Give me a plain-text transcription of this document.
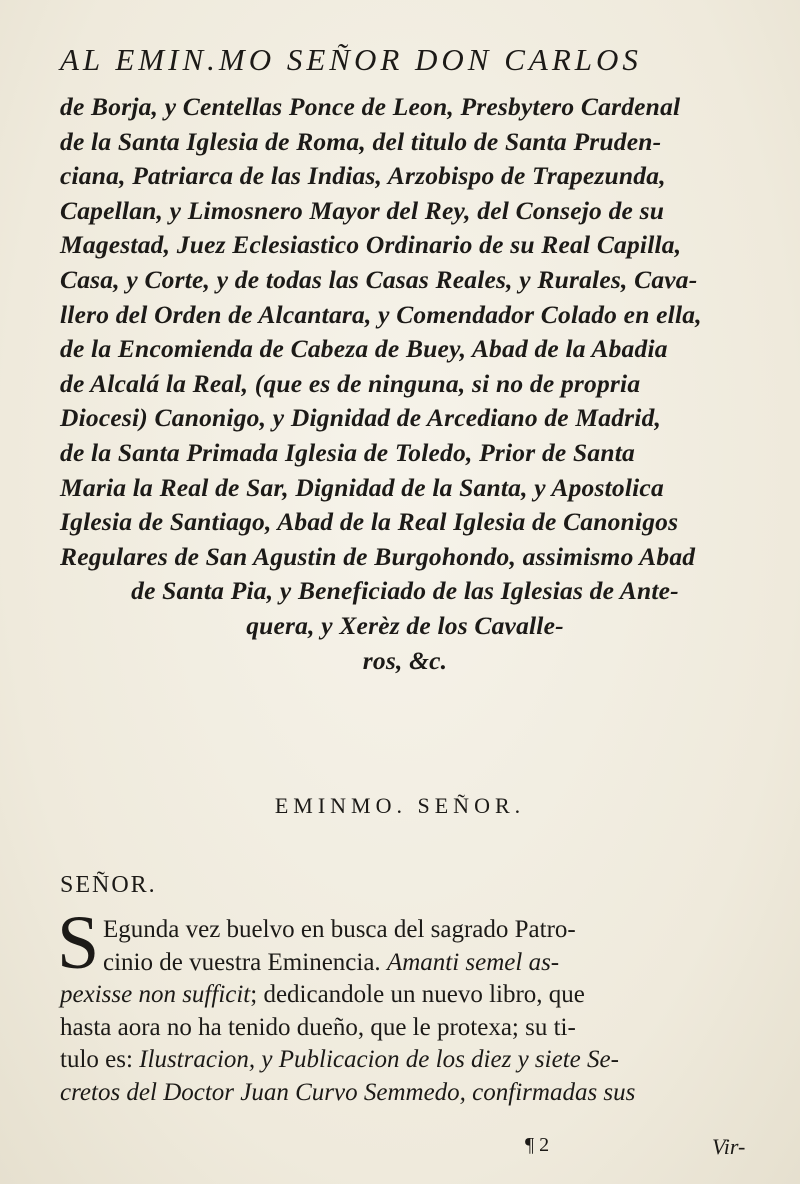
AL EMIN.MO SEÑOR DON CARLOS
de Borja, y Centellas Ponce de Leon, Presbytero Cardenal
de la Santa Iglesia de Roma, del titulo de Santa Pruden-
ciana, Patriarca de las Indias, Arzobispo de Trapezunda,
Capellan, y Limosnero Mayor del Rey, del Consejo de su
Magestad, Juez Eclesiastico Ordinario de su Real Capilla,
Casa, y Corte, y de todas las Casas Reales, y Rurales, Cava-
llero del Orden de Alcantara, y Comendador Colado en ella,
de la Encomienda de Cabeza de Buey, Abad de la Abadia
de Alcalá la Real, (que es de ninguna, si no de propria
Diocesi) Canonigo, y Dignidad de Arcediano de Madrid,
de la Santa Primada Iglesia de Toledo, Prior de Santa
Maria la Real de Sar, Dignidad de la Santa, y Apostolica
Iglesia de Santiago, Abad de la Real Iglesia de Canonigos
Regulares de San Agustin de Burgohondo, assimismo Abad
de Santa Pia, y Beneficiado de las Iglesias de Ante-
quera, y Xerèz de los Cavalle-
ros, &c.
EMINMO. SEÑOR.
SEÑOR.
S Egunda vez buelvo en busca del sagrado Patro-
cinio de vuestra Eminencia. Amanti semel as-
pexisse non sufficit; dedicandole un nuevo libro, que
hasta aora no ha tenido dueño, que le protexa; su ti-
tulo es: Ilustracion, y Publicacion de los diez y siete Se-
cretos del Doctor Juan Curvo Semmedo, confirmadas sus
¶ 2	Vir-
